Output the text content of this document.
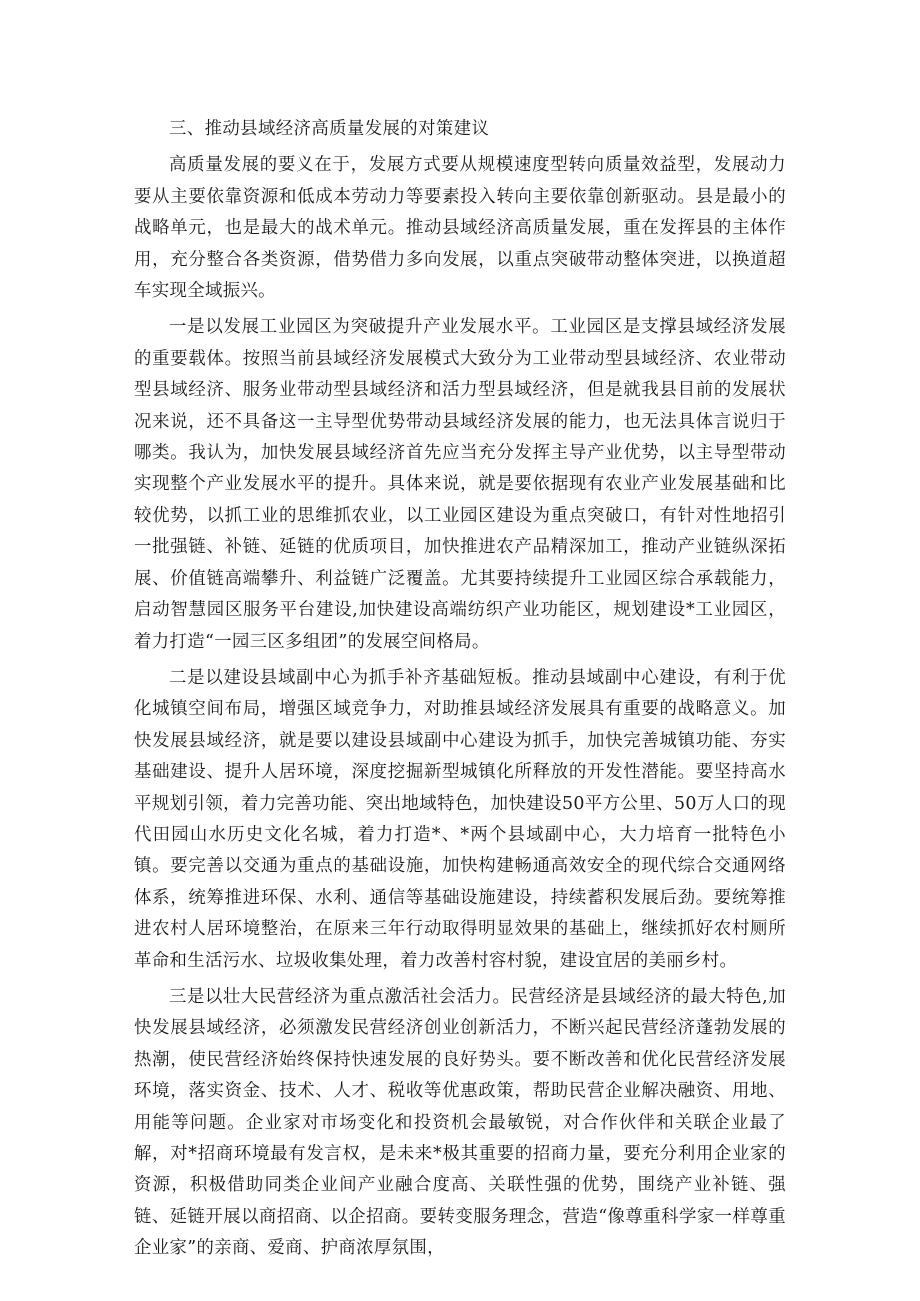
三、推动县域经济高质量发展的对策建议

高质量发展的要义在于，发展方式要从规模速度型转向质量效益型，发展动力要从主要依靠资源和低成本劳动力等要素投入转向主要依靠创新驱动。县是最小的战略单元，也是最大的战术单元。推动县域经济高质量发展，重在发挥县的主体作用，充分整合各类资源，借势借力多向发展，以重点突破带动整体突进，以换道超车实现全域振兴。

一是以发展工业园区为突破提升产业发展水平。工业园区是支撑县域经济发展的重要载体。按照当前县域经济发展模式大致分为工业带动型县域经济、农业带动型县域经济、服务业带动型县域经济和活力型县域经济，但是就我县目前的发展状况来说，还不具备这一主导型优势带动县域经济发展的能力，也无法具体言说归于哪类。我认为，加快发展县域经济首先应当充分发挥主导产业优势，以主导型带动实现整个产业发展水平的提升。具体来说，就是要依据现有农业产业发展基础和比较优势，以抓工业的思维抓农业，以工业园区建设为重点突破口，有针对性地招引一批强链、补链、延链的优质项目，加快推进农产品精深加工，推动产业链纵深拓展、价值链高端攀升、利益链广泛覆盖。尤其要持续提升工业园区综合承载能力，启动智慧园区服务平台建设,加快建设高端纺织产业功能区，规划建设*工业园区，着力打造“一园三区多组团”的发展空间格局。

二是以建设县域副中心为抓手补齐基础短板。推动县域副中心建设，有利于优化城镇空间布局，增强区域竞争力，对助推县域经济发展具有重要的战略意义。加快发展县域经济，就是要以建设县域副中心建设为抓手，加快完善城镇功能、夯实基础建设、提升人居环境，深度挖掘新型城镇化所释放的开发性潜能。要坚持高水平规划引领，着力完善功能、突出地域特色，加快建设50平方公里、50万人口的现代田园山水历史文化名城，着力打造*、*两个县域副中心，大力培育一批特色小镇。要完善以交通为重点的基础设施，加快构建畅通高效安全的现代综合交通网络体系，统筹推进环保、水利、通信等基础设施建设，持续蓄积发展后劲。要统筹推进农村人居环境整治，在原来三年行动取得明显效果的基础上，继续抓好农村厕所革命和生活污水、垃圾收集处理，着力改善村容村貌，建设宜居的美丽乡村。

三是以壮大民营经济为重点激活社会活力。民营经济是县域经济的最大特色,加快发展县域经济，必须激发民营经济创业创新活力，不断兴起民营经济蓬勃发展的热潮，使民营经济始终保持快速发展的良好势头。要不断改善和优化民营经济发展环境，落实资金、技术、人才、税收等优惠政策，帮助民营企业解决融资、用地、用能等问题。企业家对市场变化和投资机会最敏锐，对合作伙伴和关联企业最了解，对*招商环境最有发言权，是未来*极其重要的招商力量，要充分利用企业家的资源，积极借助同类企业间产业融合度高、关联性强的优势，围绕产业补链、强链、延链开展以商招商、以企招商。要转变服务理念，营造“像尊重科学家一样尊重企业家”的亲商、爱商、护商浓厚氛围，
